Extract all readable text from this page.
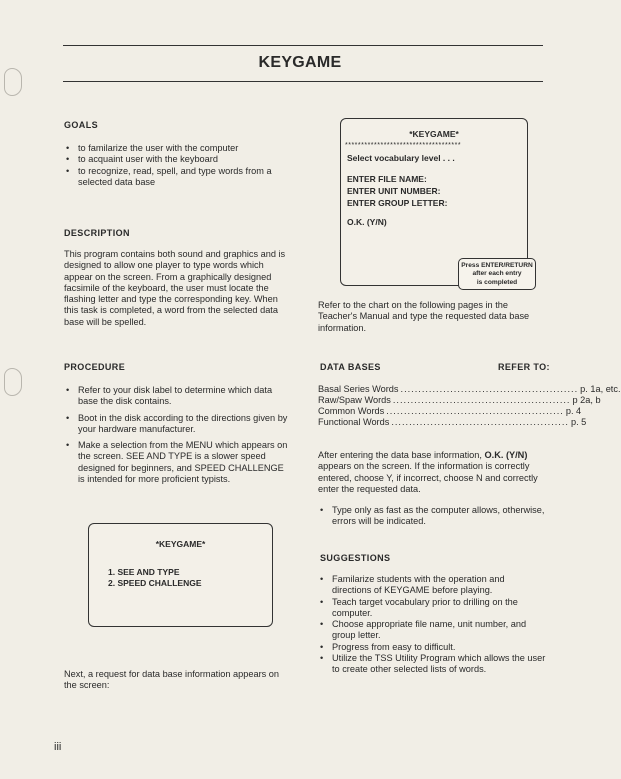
KEYGAME
GOALS
• to familarize the user with the computer
• to acquaint user with the keyboard
• to recognize, read, spell, and type words from a selected data base
DESCRIPTION
This program contains both sound and graphics and is designed to allow one player to type words which appear on the screen. From a graphically designed facsimile of the keyboard, the user must locate the flashing letter and type the corresponding key. When this task is completed, a word from the selected data base will be spelled.
*KEYGAME*
************************************
Select vocabulary level . . .
ENTER FILE NAME:
ENTER UNIT NUMBER:
ENTER GROUP LETTER:
O.K. (Y/N)
Press ENTER/RETURN
after each entry
is completed
Refer to the chart on the following pages in the Teacher's Manual and type the requested data base information.
PROCEDURE
• Refer to your disk label to determine which data base the disk contains.
• Boot in the disk according to the directions given by your hardware manufacturer.
• Make a selection from the MENU which appears on the screen. SEE AND TYPE is a slower speed designed for beginners, and SPEED CHALLENGE is intended for more proficient typists.
*KEYGAME*
1. SEE AND TYPE
2. SPEED CHALLENGE
Next, a request for data base information appears on the screen:
DATA BASES	REFER TO:
Basal Series Words .................................................. p. 1a, etc.
Raw/Spaw Words .................................................. p 2a, b
Common Words .................................................. p. 4
Functional Words .................................................. p. 5
After entering the data base information, O.K. (Y/N) appears on the screen. If the information is correctly entered, choose Y, if incorrect, choose N and correctly enter the requested data.
• Type only as fast as the computer allows, otherwise, errors will be indicated.
SUGGESTIONS
• Familarize students with the operation and directions of KEYGAME before playing.
• Teach target vocabulary prior to drilling on the computer.
• Choose appropriate file name, unit number, and group letter.
• Progress from easy to difficult.
• Utilize the TSS Utility Program which allows the user to create other selected lists of words.
iii
